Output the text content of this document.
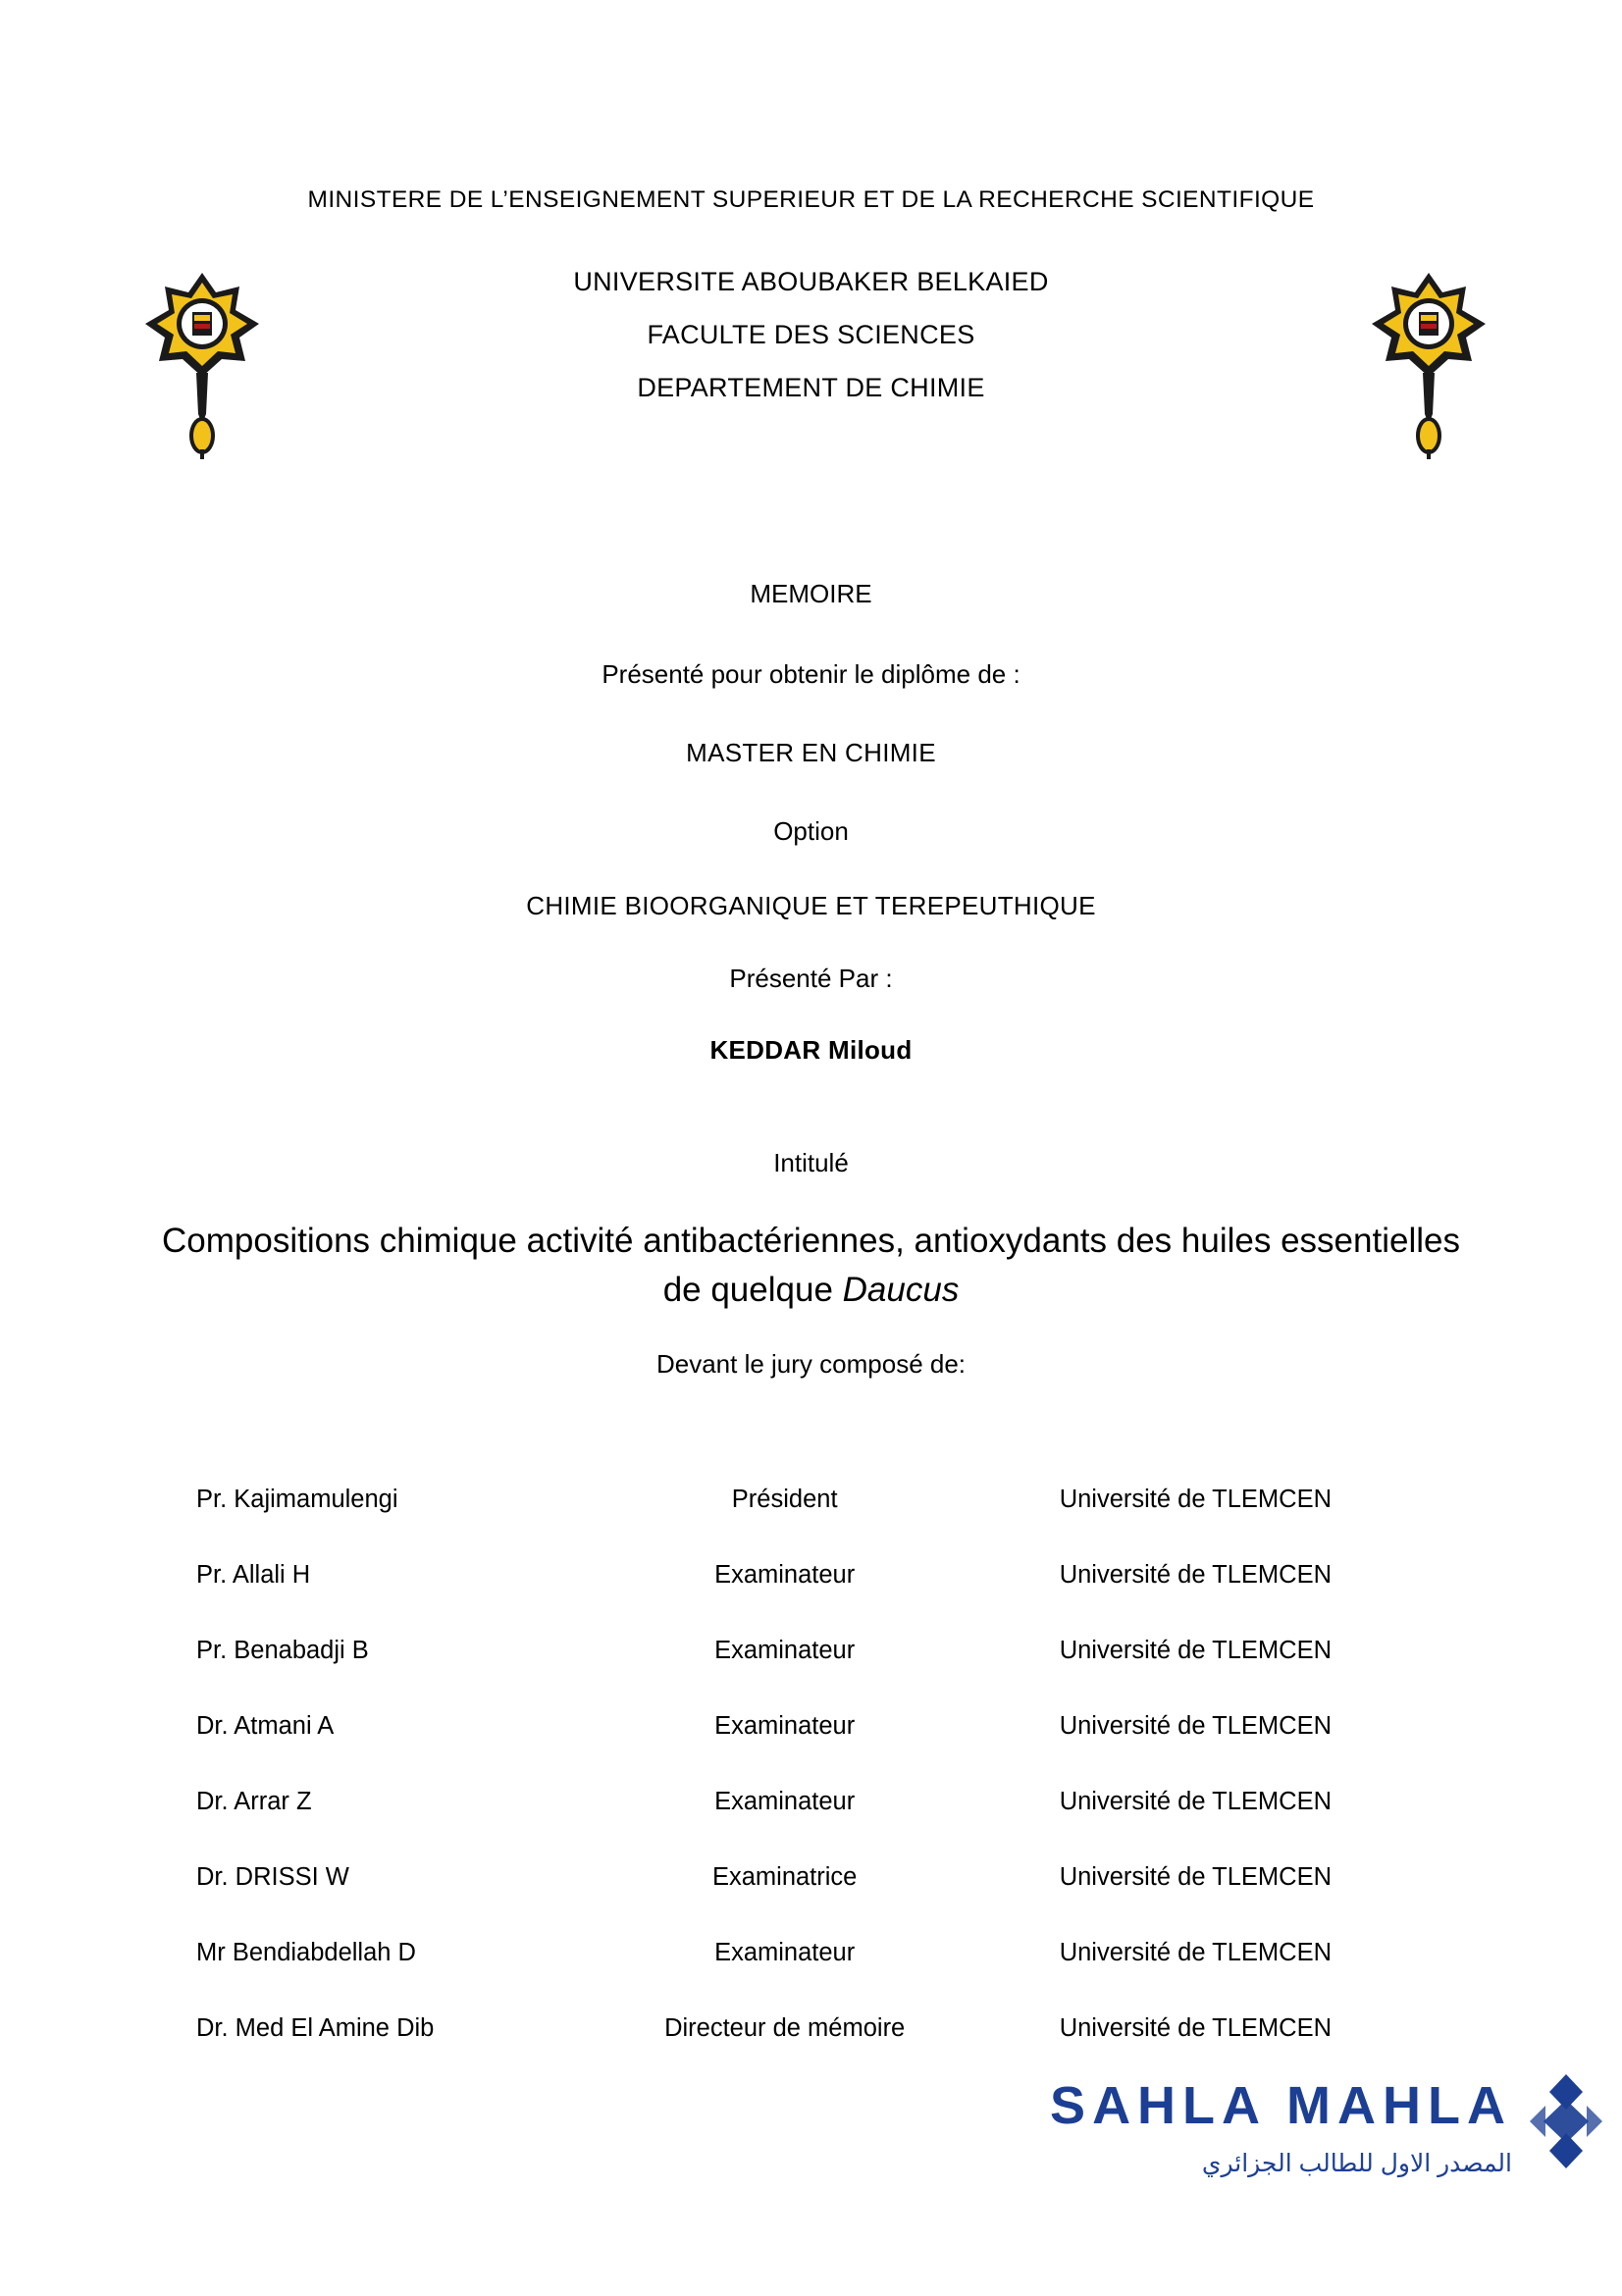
MINISTERE DE L’ENSEIGNEMENT SUPERIEUR ET DE LA RECHERCHE SCIENTIFIQUE
UNIVERSITE ABOUBAKER BELKAIED
FACULTE DES SCIENCES
DEPARTEMENT DE CHIMIE
MEMOIRE
Présenté pour obtenir le diplôme de :
MASTER EN CHIMIE
Option
CHIMIE BIOORGANIQUE ET TEREPEUTHIQUE
Présenté Par :
KEDDAR Miloud
Intitulé
Compositions chimique activité antibactériennes, antioxydants des huiles essentielles de quelque Daucus
Devant le jury composé de:
Pr. Kajimamulengi	Président	Université de TLEMCEN
Pr. Allali H	Examinateur	Université de TLEMCEN
Pr. Benabadji B	Examinateur	Université de TLEMCEN
Dr. Atmani A	Examinateur	Université de TLEMCEN
Dr. Arrar Z	Examinateur	Université de TLEMCEN
Dr. DRISSI W	Examinatrice	Université de TLEMCEN
Mr Bendiabdellah D	Examinateur	Université de TLEMCEN
Dr. Med El Amine Dib	Directeur de mémoire	Université de TLEMCEN
SAHLA MAHLA
المصدر الاول للطالب الجزائري
